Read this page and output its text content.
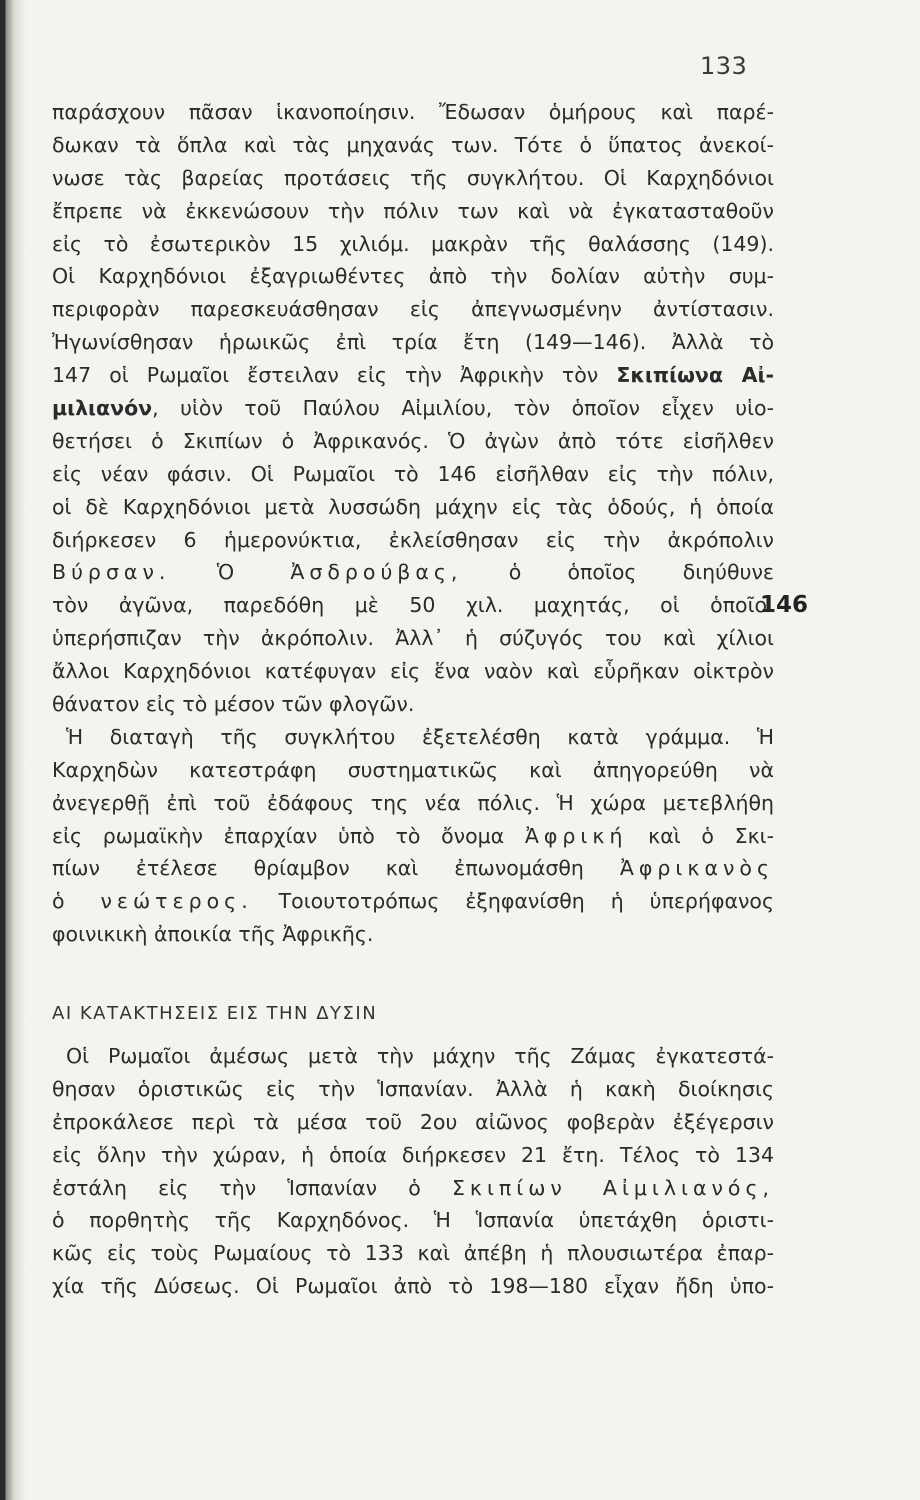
133
146
παράσχουν πᾶσαν ἱκανοποίησιν. Ἔδωσαν ὁμήρους καὶ παρέ-
δωκαν τὰ ὅπλα καὶ τὰς μηχανάς των. Τότε ὁ ὕπατος ἀνεκοί-
νωσε τὰς βαρείας προτάσεις τῆς συγκλήτου. Οἱ Καρχηδόνιοι
ἔπρεπε νὰ ἐκκενώσουν τὴν πόλιν των καὶ νὰ ἐγκατασταθοῦν
εἰς τὸ ἐσωτερικὸν 15 χιλιόμ. μακρὰν τῆς θαλάσσης (149).
Οἱ Καρχηδόνιοι ἐξαγριωθέντες ἀπὸ τὴν δολίαν αὐτὴν συμ-
περιφορὰν παρεσκευάσθησαν εἰς ἀπεγνωσμένην ἀντίστασιν.
Ἠγωνίσθησαν ἡρωικῶς ἐπὶ τρία ἔτη (149—146). Ἀλλὰ τὸ
147 οἱ Ρωμαῖοι ἔστειλαν εἰς τὴν Ἀφρικὴν τὸν Σκιπίωνα Αἰ-
μιλιανόν, υἱὸν τοῦ Παύλου Αἰμιλίου, τὸν ὁποῖον εἶχεν υἱο-
θετήσει ὁ Σκιπίων ὁ Ἀφρικανός. Ὁ ἀγὼν ἀπὸ τότε εἰσῆλθεν
εἰς νέαν φάσιν. Οἱ Ρωμαῖοι τὸ 146 εἰσῆλθαν εἰς τὴν πόλιν,
οἱ δὲ Καρχηδόνιοι μετὰ λυσσώδη μάχην εἰς τὰς ὁδούς, ἡ ὁποία
διήρκεσεν 6 ἡμερονύκτια, ἐκλείσθησαν εἰς τὴν ἀκρόπολιν
Βύρσαν. Ὁ Ἀσδρούβας, ὁ ὁποῖος διηύθυνε
τὸν ἀγῶνα, παρεδόθη μὲ 50 χιλ. μαχητάς, οἱ ὁποῖοι
ὑπερήσπιζαν τὴν ἀκρόπολιν. Ἀλλ᾽ ἡ σύζυγός του καὶ χίλιοι
ἄλλοι Καρχηδόνιοι κατέφυγαν εἰς ἕνα ναὸν καὶ εὗρῆκαν οἰκτρὸν
θάνατον εἰς τὸ μέσον τῶν φλογῶν.
Ἡ διαταγὴ τῆς συγκλήτου ἐξετελέσθη κατὰ γράμμα. Ἡ
Καρχηδὼν κατεστράφη συστηματικῶς καὶ ἀπηγορεύθη νὰ
ἀνεγερθῇ ἐπὶ τοῦ ἐδάφους της νέα πόλις. Ἡ χώρα μετεβλήθη
εἰς ρωμαϊκὴν ἐπαρχίαν ὑπὸ τὸ ὄνομα Ἀφρική καὶ ὁ Σκι-
πίων ἐτέλεσε θρίαμβον καὶ ἐπωνομάσθη Ἀφρικανὸς
ὁ νεώτερος. Τοιουτοτρόπως ἐξηφανίσθη ἡ ὑπερήφανος
φοινικικὴ ἀποικία τῆς Ἀφρικῆς.
ΑΙ ΚΑΤΑΚΤΗΣΕΙΣ ΕΙΣ ΤΗΝ ΔΥΣΙΝ
Οἱ Ρωμαῖοι ἀμέσως μετὰ τὴν μάχην τῆς Ζάμας ἐγκατεστά-
θησαν ὁριστικῶς εἰς τὴν Ἱσπανίαν. Ἀλλὰ ἡ κακὴ διοίκησις
ἐπροκάλεσε περὶ τὰ μέσα τοῦ 2ου αἰῶνος φοβερὰν ἐξέγερσιν
εἰς ὅλην τὴν χώραν, ἡ ὁποία διήρκεσεν 21 ἔτη. Τέλος τὸ 134
ἐστάλη εἰς τὴν Ἱσπανίαν ὁ Σκιπίων Αἰμιλιανός,
ὁ πορθητὴς τῆς Καρχηδόνος. Ἡ Ἱσπανία ὑπετάχθη ὁριστι-
κῶς εἰς τοὺς Ρωμαίους τὸ 133 καὶ ἀπέβη ἡ πλουσιωτέρα ἐπαρ-
χία τῆς Δύσεως. Οἱ Ρωμαῖοι ἀπὸ τὸ 198—180 εἶχαν ἤδη ὑπο-
